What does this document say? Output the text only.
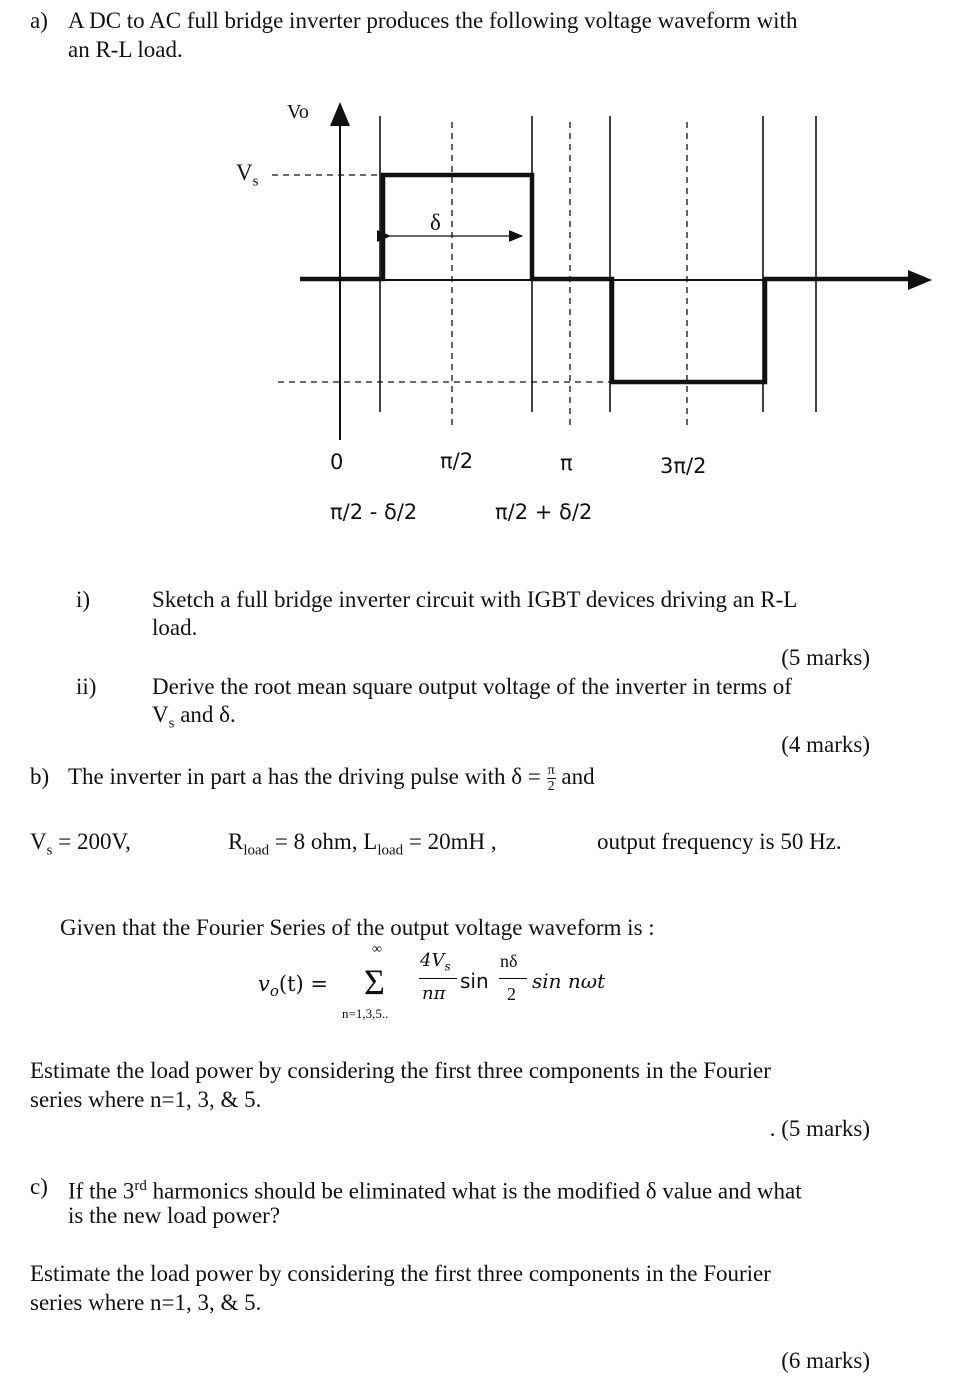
a) A DC to AC full bridge inverter produces the following voltage waveform with
an R-L load.
Vo
$V_s$
δ
0	π/2	π	3π/2
π/2 - δ/2	π/2 + δ/2
i)	Sketch a full bridge inverter circuit with IGBT devices driving an R-L
load.
(5 marks)
ii) Derive the root mean square output voltage of the inverter in terms of
$V_s$ and δ.
(4 marks)
b) The inverter in part a has the driving pulse with $\delta = \frac{\pi}{2}$ and
$V_s = 200V$,	$R_{load} = 8$ ohm, $L_{load} = 20mH$ ,	output frequency is 50 Hz.
Given that the Fourier Series of the output voltage waveform is :
$v_o(t)$ =
∞
Σ
n=1,3,5..
$4V_s$
nπ
sin
nδ
2
sin nωt
Estimate the load power by considering the first three components in the Fourier
series where n=1, 3, & 5.
. (5 marks)
c) If the 3rd harmonics should be eliminated what is the modified δ value and what
is the new load power?
Estimate the load power by considering the first three components in the Fourier
series where n=1, 3, & 5.
(6 marks)
